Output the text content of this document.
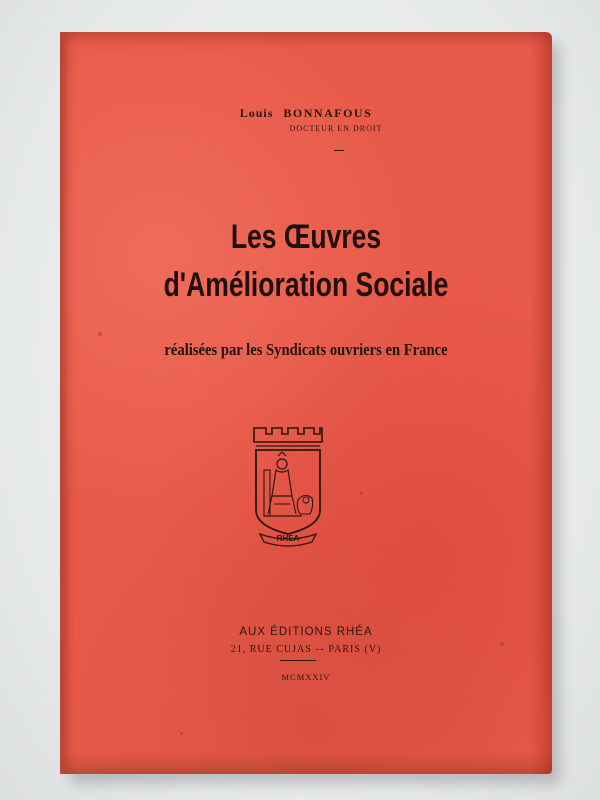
Louis BONNAFOUS
DOCTEUR EN DROIT
Les Œuvres
d'Amélioration Sociale
réalisées par les Syndicats ouvriers en France
RHEA
AUX ÉDITIONS RHÉA
21, RUE CUJAS -- PARIS (V)
MCMXXIV
